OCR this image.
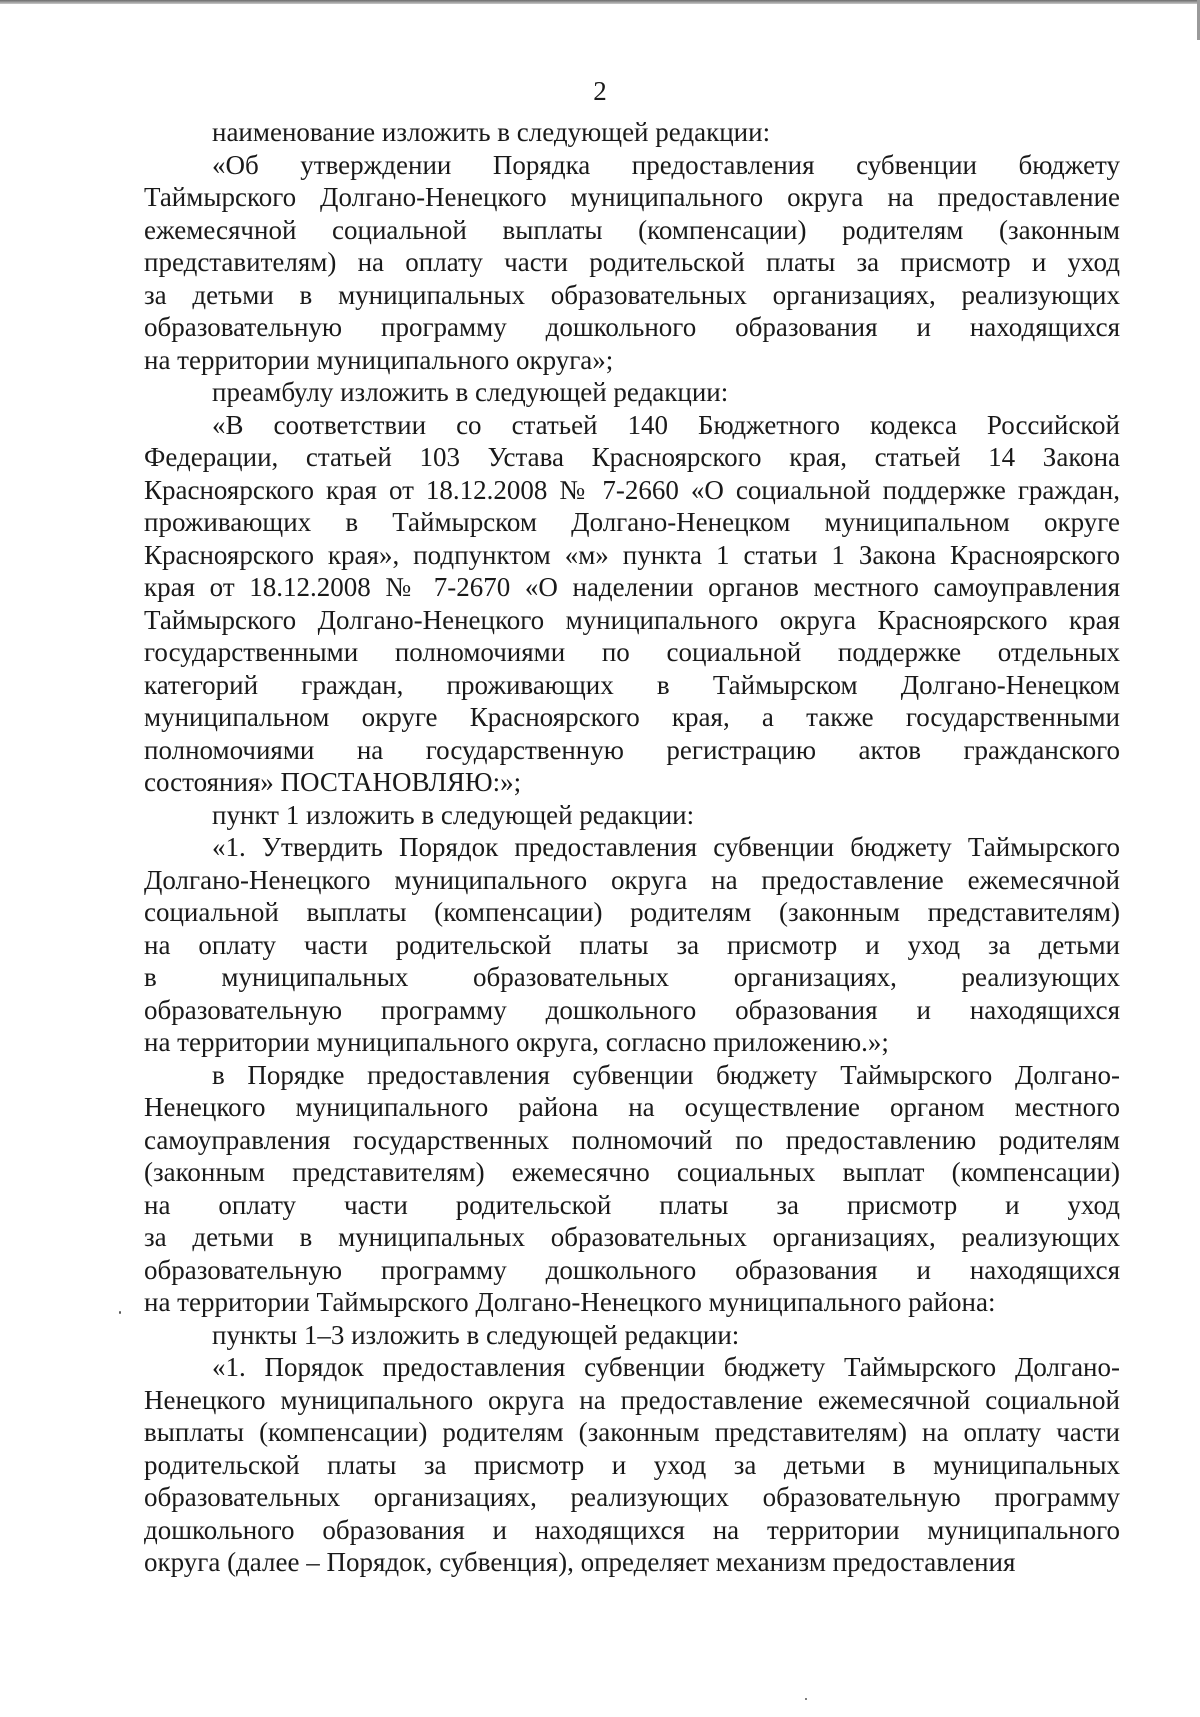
2
наименование изложить в следующей редакции:
«Об утверждении Порядка предоставления субвенции бюджету
Таймырского Долгано-Ненецкого муниципального округа на предоставление
ежемесячной социальной выплаты (компенсации) родителям (законным
представителям) на оплату части родительской платы за присмотр и уход
за детьми в муниципальных образовательных организациях, реализующих
образовательную программу дошкольного образования и находящихся
на территории муниципального округа»;
преамбулу изложить в следующей редакции:
«В соответствии со статьей 140 Бюджетного кодекса Российской
Федерации, статьей 103 Устава Красноярского края, статьей 14 Закона
Красноярского края от 18.12.2008 № 7-2660 «О социальной поддержке граждан,
проживающих в Таймырском Долгано-Ненецком муниципальном округе
Красноярского края», подпунктом «м» пункта 1 статьи 1 Закона Красноярского
края от 18.12.2008 № 7-2670 «О наделении органов местного самоуправления
Таймырского Долгано-Ненецкого муниципального округа Красноярского края
государственными полномочиями по социальной поддержке отдельных
категорий граждан, проживающих в Таймырском Долгано-Ненецком
муниципальном округе Красноярского края, а также государственными
полномочиями на государственную регистрацию актов гражданского
состояния» ПОСТАНОВЛЯЮ:»;
пункт 1 изложить в следующей редакции:
«1. Утвердить Порядок предоставления субвенции бюджету Таймырского
Долгано-Ненецкого муниципального округа на предоставление ежемесячной
социальной выплаты (компенсации) родителям (законным представителям)
на оплату части родительской платы за присмотр и уход за детьми
в муниципальных образовательных организациях, реализующих
образовательную программу дошкольного образования и находящихся
на территории муниципального округа, согласно приложению.»;
в Порядке предоставления субвенции бюджету Таймырского Долгано-
Ненецкого муниципального района на осуществление органом местного
самоуправления государственных полномочий по предоставлению родителям
(законным представителям) ежемесячно социальных выплат (компенсации)
на оплату части родительской платы за присмотр и уход
за детьми в муниципальных образовательных организациях, реализующих
образовательную программу дошкольного образования и находящихся
на территории Таймырского Долгано-Ненецкого муниципального района:
пункты 1–3 изложить в следующей редакции:
«1. Порядок предоставления субвенции бюджету Таймырского Долгано-
Ненецкого муниципального округа на предоставление ежемесячной социальной
выплаты (компенсации) родителям (законным представителям) на оплату части
родительской платы за присмотр и уход за детьми в муниципальных
образовательных организациях, реализующих образовательную программу
дошкольного образования и находящихся на территории муниципального
округа (далее – Порядок, субвенция), определяет механизм предоставления
